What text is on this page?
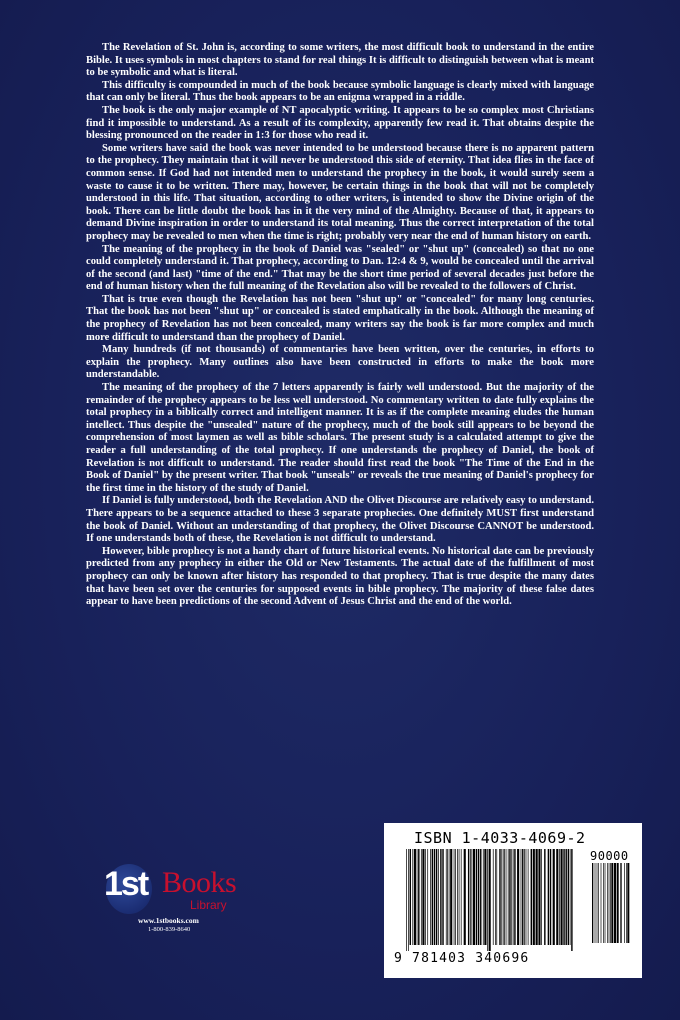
The Revelation of St. John is, according to some writers, the most difficult book to understand in the entire Bible. It uses symbols in most chapters to stand for real things It is difficult to distinguish between what is meant to be symbolic and what is literal.

This difficulty is compounded in much of the book because symbolic language is clearly mixed with language that can only be literal. Thus the book appears to be an enigma wrapped in a riddle.

The book is the only major example of NT apocalyptic writing. It appears to be so complex most Christians find it impossible to understand. As a result of its complexity, apparently few read it. That obtains despite the blessing pronounced on the reader in 1:3 for those who read it.

Some writers have said the book was never intended to be understood because there is no apparent pattern to the prophecy. They maintain that it will never be understood this side of eternity. That idea flies in the face of common sense. If God had not intended men to understand the prophecy in the book, it would surely seem a waste to cause it to be written. There may, however, be certain things in the book that will not be completely understood in this life. That situation, according to other writers, is intended to show the Divine origin of the book. There can be little doubt the book has in it the very mind of the Almighty. Because of that, it appears to demand Divine inspiration in order to understand its total meaning. Thus the correct interpretation of the total prophecy may be revealed to men when the time is right; probably very near the end of human history on earth.

The meaning of the prophecy in the book of Daniel was "sealed" or "shut up" (concealed) so that no one could completely understand it. That prophecy, according to Dan. 12:4 & 9, would be concealed until the arrival of the second (and last) "time of the end." That may be the short time period of several decades just before the end of human history when the full meaning of the Revelation also will be revealed to the followers of Christ.

That is true even though the Revelation has not been "shut up" or "concealed" for many long centuries. That the book has not been "shut up" or concealed is stated emphatically in the book. Although the meaning of the prophecy of Revelation has not been concealed, many writers say the book is far more complex and much more difficult to understand than the prophecy of Daniel.

Many hundreds (if not thousands) of commentaries have been written, over the centuries, in efforts to explain the prophecy. Many outlines also have been constructed in efforts to make the book more understandable.

The meaning of the prophecy of the 7 letters apparently is fairly well understood. But the majority of the remainder of the prophecy appears to be less well understood. No commentary written to date fully explains the total prophecy in a biblically correct and intelligent manner. It is as if the complete meaning eludes the human intellect. Thus despite the "unsealed" nature of the prophecy, much of the book still appears to be beyond the comprehension of most laymen as well as bible scholars. The present study is a calculated attempt to give the reader a full understanding of the total prophecy. If one understands the prophecy of Daniel, the book of Revelation is not difficult to understand. The reader should first read the book "The Time of the End in the Book of Daniel" by the present writer. That book "unseals" or reveals the true meaning of Daniel's prophecy for the first time in the history of the study of Daniel.

If Daniel is fully understood, both the Revelation AND the Olivet Discourse are relatively easy to understand. There appears to be a sequence attached to these 3 separate prophecies. One definitely MUST first understand the book of Daniel. Without an understanding of that prophecy, the Olivet Discourse CANNOT be understood. If one understands both of these, the Revelation is not difficult to understand.

However, bible prophecy is not a handy chart of future historical events. No historical date can be previously predicted from any prophecy in either the Old or New Testaments. The actual date of the fulfillment of most prophecy can only be known after history has responded to that prophecy. That is true despite the many dates that have been set over the centuries for supposed events in bible prophecy. The majority of these false dates appear to have been predictions of the second Advent of Jesus Christ and the end of the world.

1st Books
Library
www.1stbooks.com
1-800-839-8640
ISBN 1-4033-4069-2
90000
9 781403 340696
